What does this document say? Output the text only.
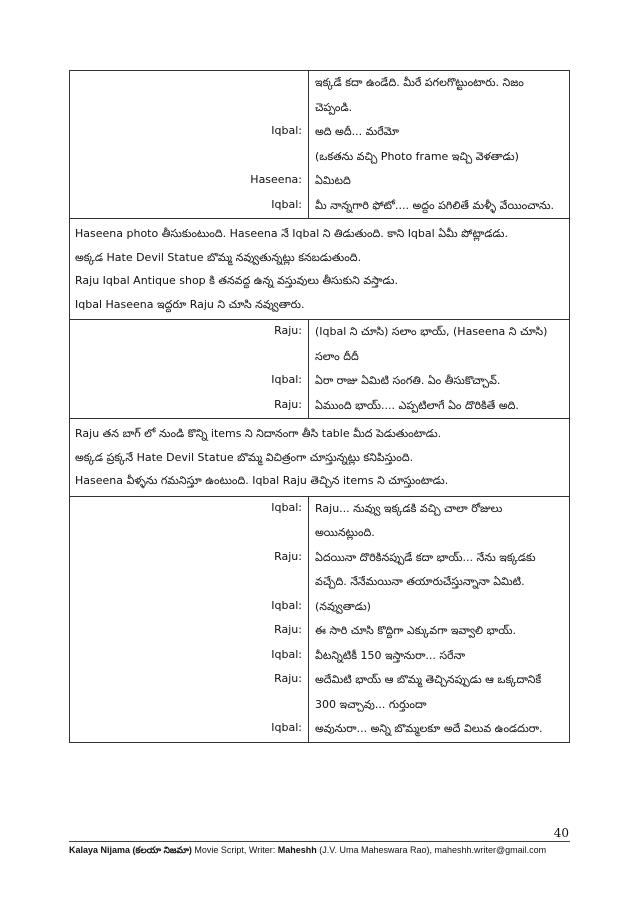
ఇక్కడే కదా ఉండేది. మీరే పగలగొట్టుంటారు. నిజం చెప్పండి.
Iqbal:	అది అదీ... మరేమో
(ఒకతను వచ్చి Photo frame ఇచ్చి వెళతాడు)
Haseena:	ఏమిటది
Iqbal:	మీ నాన్నగారి ఫోటో.... అద్దం పగిలితే మళ్ళీ వేయించాను.
Haseena photo తీసుకుంటుంది. Haseena నే Iqbal ని తిడుతుంది. కాని Iqbal ఏమీ పోట్లాడడు.
అక్కడ Hate Devil Statue బొమ్మ నవ్వుతున్నట్లు కనబడుతుంది.
Raju Iqbal Antique shop కి తనవద్ద ఉన్న వస్తువులు తీసుకుని వస్తాడు.
Iqbal Haseena ఇద్దరూ Raju ని చూసి నవ్వుతారు.
Raju:	(Iqbal ని చూసి) సలాం భాయ్, (Haseena ని చూసి) సలాం దీదీ
Iqbal:	ఏరా రాజు ఏమిటి సంగతి. ఏం తీసుకొచ్చావ్.
Raju:	ఏముంది భాయ్.... ఎప్పటిలాగే ఏం దొరికితే అది.
Raju తన బాగ్ లో నుండి కొన్ని items ని నిదానంగా తీసి table మీద పెడుతుంటాడు.
అక్కడ ప్రక్కనే Hate Devil Statue బొమ్మ విచిత్రంగా చూస్తున్నట్లు కనిపిస్తుంది.
Haseena వీళ్ళను గమనిస్తూ ఉంటుంది. Iqbal Raju తెచ్చిన items ని చూస్తుంటాడు.
Iqbal:	Raju... నువ్వు ఇక్కడకి వచ్చి చాలా రోజులు అయినట్లుంది.
Raju:	ఏదయినా దొరికినప్పుడే కదా భాయ్... నేను ఇక్కడకు వచ్చేది. నేనేమయినా తయారుచేస్తున్నానా ఏమిటి.
Iqbal:	(నవ్వుతాడు)
Raju:	ఈ సారి చూసి కొద్దిగా ఎక్కువగా ఇవ్వాలి భాయ్.
Iqbal:	వీటన్నిటికీ 150 ఇస్తానురా... సరేనా
Raju:	అదేమిటి భాయ్ ఆ బొమ్మ తెచ్చినప్పుడు ఆ ఒక్కదానికే 300 ఇచ్చావు... గుర్తుందా
Iqbal:	అవునురా... అన్ని బొమ్మలకూ అదే విలువ ఉండదురా.
40
Kalaya Nijama (కలయా నిజమా) Movie Script, Writer: Maheshh (J.V. Uma Maheswara Rao), maheshh.writer@gmail.com
